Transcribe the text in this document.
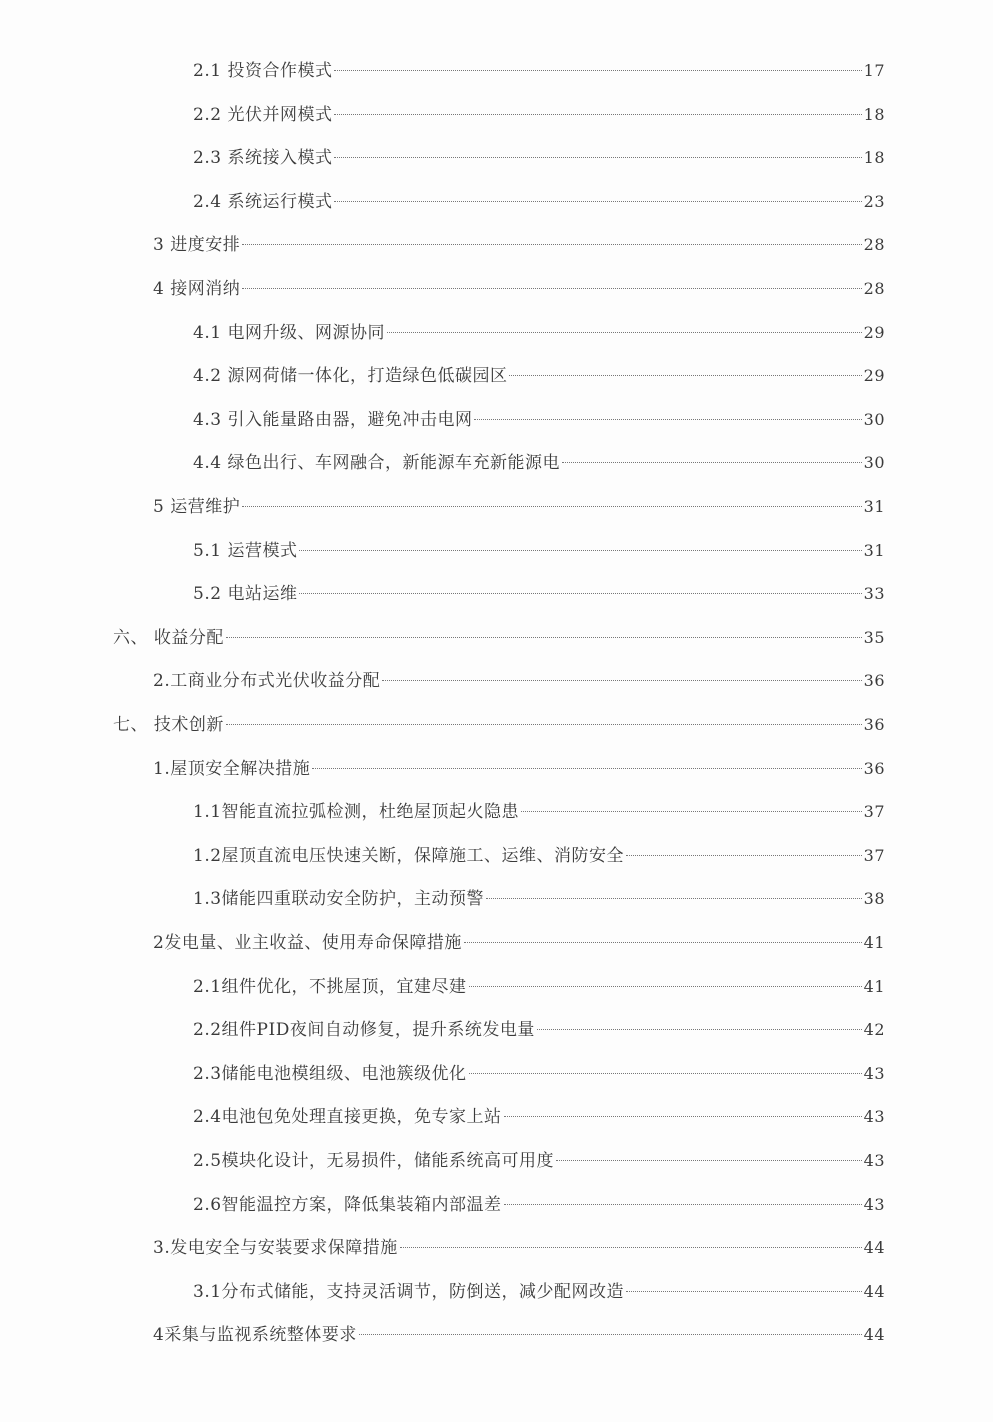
2.1 投资合作模式	17
2.2 光伏并网模式	18
2.3 系统接入模式	18
2.4 系统运行模式	23
3 进度安排	28
4 接网消纳	28
4.1 电网升级、网源协同	29
4.2 源网荷储一体化，打造绿色低碳园区	29
4.3 引入能量路由器，避免冲击电网	30
4.4 绿色出行、车网融合，新能源车充新能源电	30
5 运营维护	31
5.1 运营模式	31
5.2 电站运维	33
六、 收益分配	35
2.工商业分布式光伏收益分配	36
七、 技术创新	36
1.屋顶安全解决措施	36
1.1智能直流拉弧检测，杜绝屋顶起火隐患	37
1.2屋顶直流电压快速关断，保障施工、运维、消防安全	37
1.3储能四重联动安全防护，主动预警	38
2发电量、业主收益、使用寿命保障措施	41
2.1组件优化，不挑屋顶，宜建尽建	41
2.2组件PID夜间自动修复，提升系统发电量	42
2.3储能电池模组级、电池簇级优化	43
2.4电池包免处理直接更换，免专家上站	43
2.5模块化设计，无易损件，储能系统高可用度	43
2.6智能温控方案，降低集装箱内部温差	43
3.发电安全与安装要求保障措施	44
3.1分布式储能，支持灵活调节，防倒送，减少配网改造	44
4采集与监视系统整体要求	44
